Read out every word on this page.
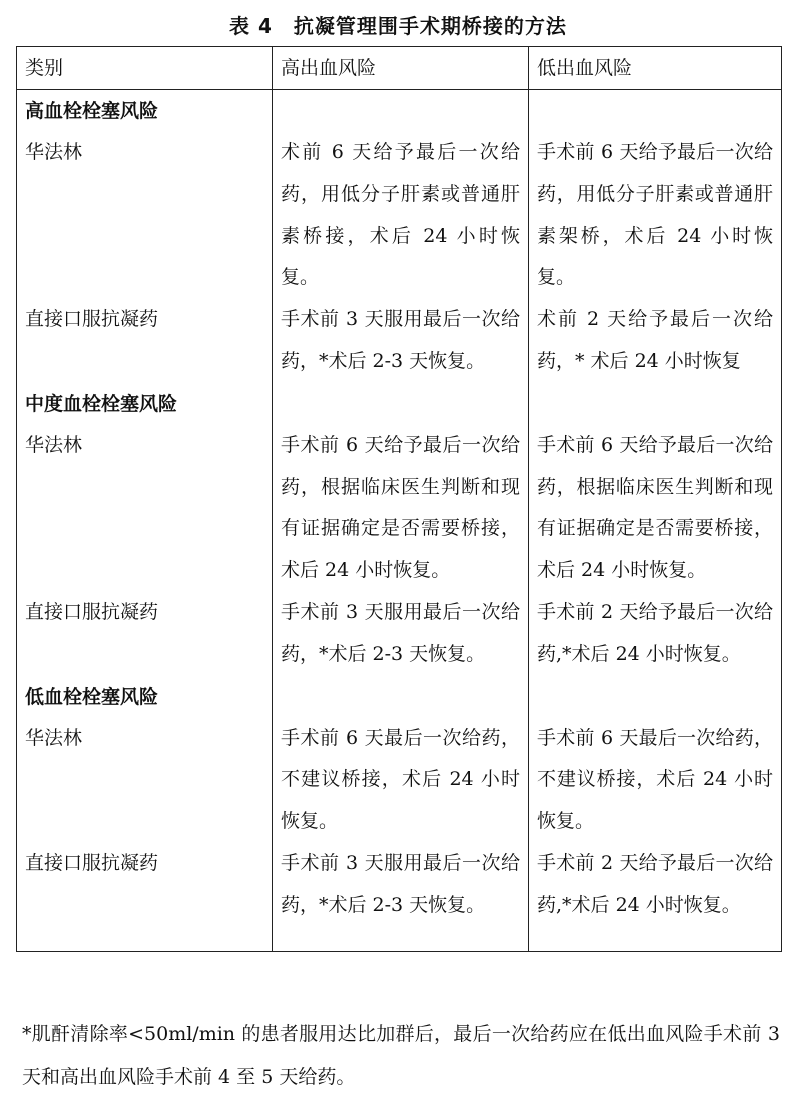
表 4　抗凝管理围手术期桥接的方法
类别	高出血风险	低出血风险
高血栓栓塞风险		
华法林	术前 6 天给予最后一次给药，用低分子肝素或普通肝素桥接，术后 24 小时恢复。	手术前 6 天给予最后一次给药，用低分子肝素或普通肝素架桥，术后 24 小时恢复。
直接口服抗凝药	手术前 3 天服用最后一次给药，*术后 2-3 天恢复。	术前 2 天给予最后一次给药，* 术后 24 小时恢复
中度血栓栓塞风险		
华法林	手术前 6 天给予最后一次给药，根据临床医生判断和现有证据确定是否需要桥接，术后 24 小时恢复。	手术前 6 天给予最后一次给药，根据临床医生判断和现有证据确定是否需要桥接，术后 24 小时恢复。
直接口服抗凝药	手术前 3 天服用最后一次给药，*术后 2-3 天恢复。	手术前 2 天给予最后一次给药,*术后 24 小时恢复。
低血栓栓塞风险		
华法林	手术前 6 天最后一次给药，不建议桥接，术后 24 小时恢复。	手术前 6 天最后一次给药，不建议桥接，术后 24 小时恢复。
直接口服抗凝药	手术前 3 天服用最后一次给药，*术后 2-3 天恢复。	手术前 2 天给予最后一次给药,*术后 24 小时恢复。
*肌酐清除率<50ml/min 的患者服用达比加群后，最后一次给药应在低出血风险手术前 3 天和高出血风险手术前 4 至 5 天给药。
